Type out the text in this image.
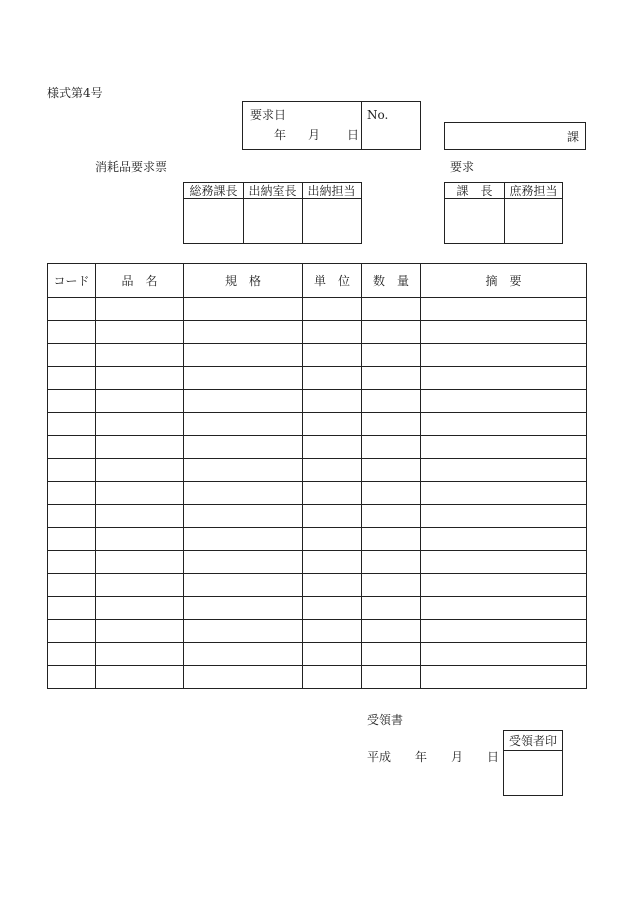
様式第4号
要求日
年 月 日
No.
課
消耗品要求票	要求
総務課長 出納室長 出納担当	課　長	庶務担当
コード	品　名	規　格	単　位	数　量	摘　要

受領書
平成 年 月 日
受領者印
